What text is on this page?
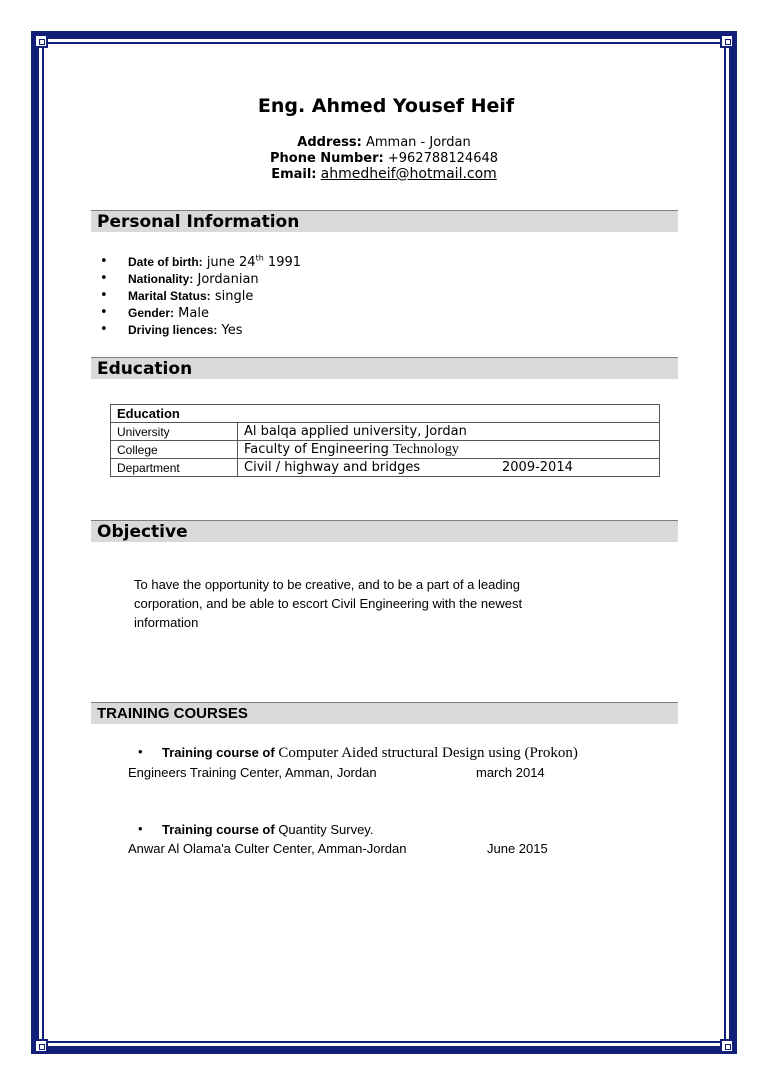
Eng. Ahmed Yousef Heif
Address: Amman - Jordan
Phone Number: +962788124648
Email: ahmedheif@hotmail.com
Personal Information
• Date of birth: june 24th 1991
• Nationality: Jordanian
• Marital Status: single
• Gender: Male
• Driving liences: Yes
Education
Education	
University	Al balqa applied university, Jordan
College	Faculty of Engineering Technology
Department	Civil / highway and bridges 2009-2014
Objective
To have the opportunity to be creative, and to be a part of a leading
corporation, and be able to escort Civil Engineering with the newest
information
TRAINING COURSES
• Training course of Computer Aided structural Design using (Prokon)
Engineers Training Center, Amman, Jordan	march 2014
• Training course of Quantity Survey.
Anwar Al Olama'a Culter Center, Amman-Jordan	June 2015
